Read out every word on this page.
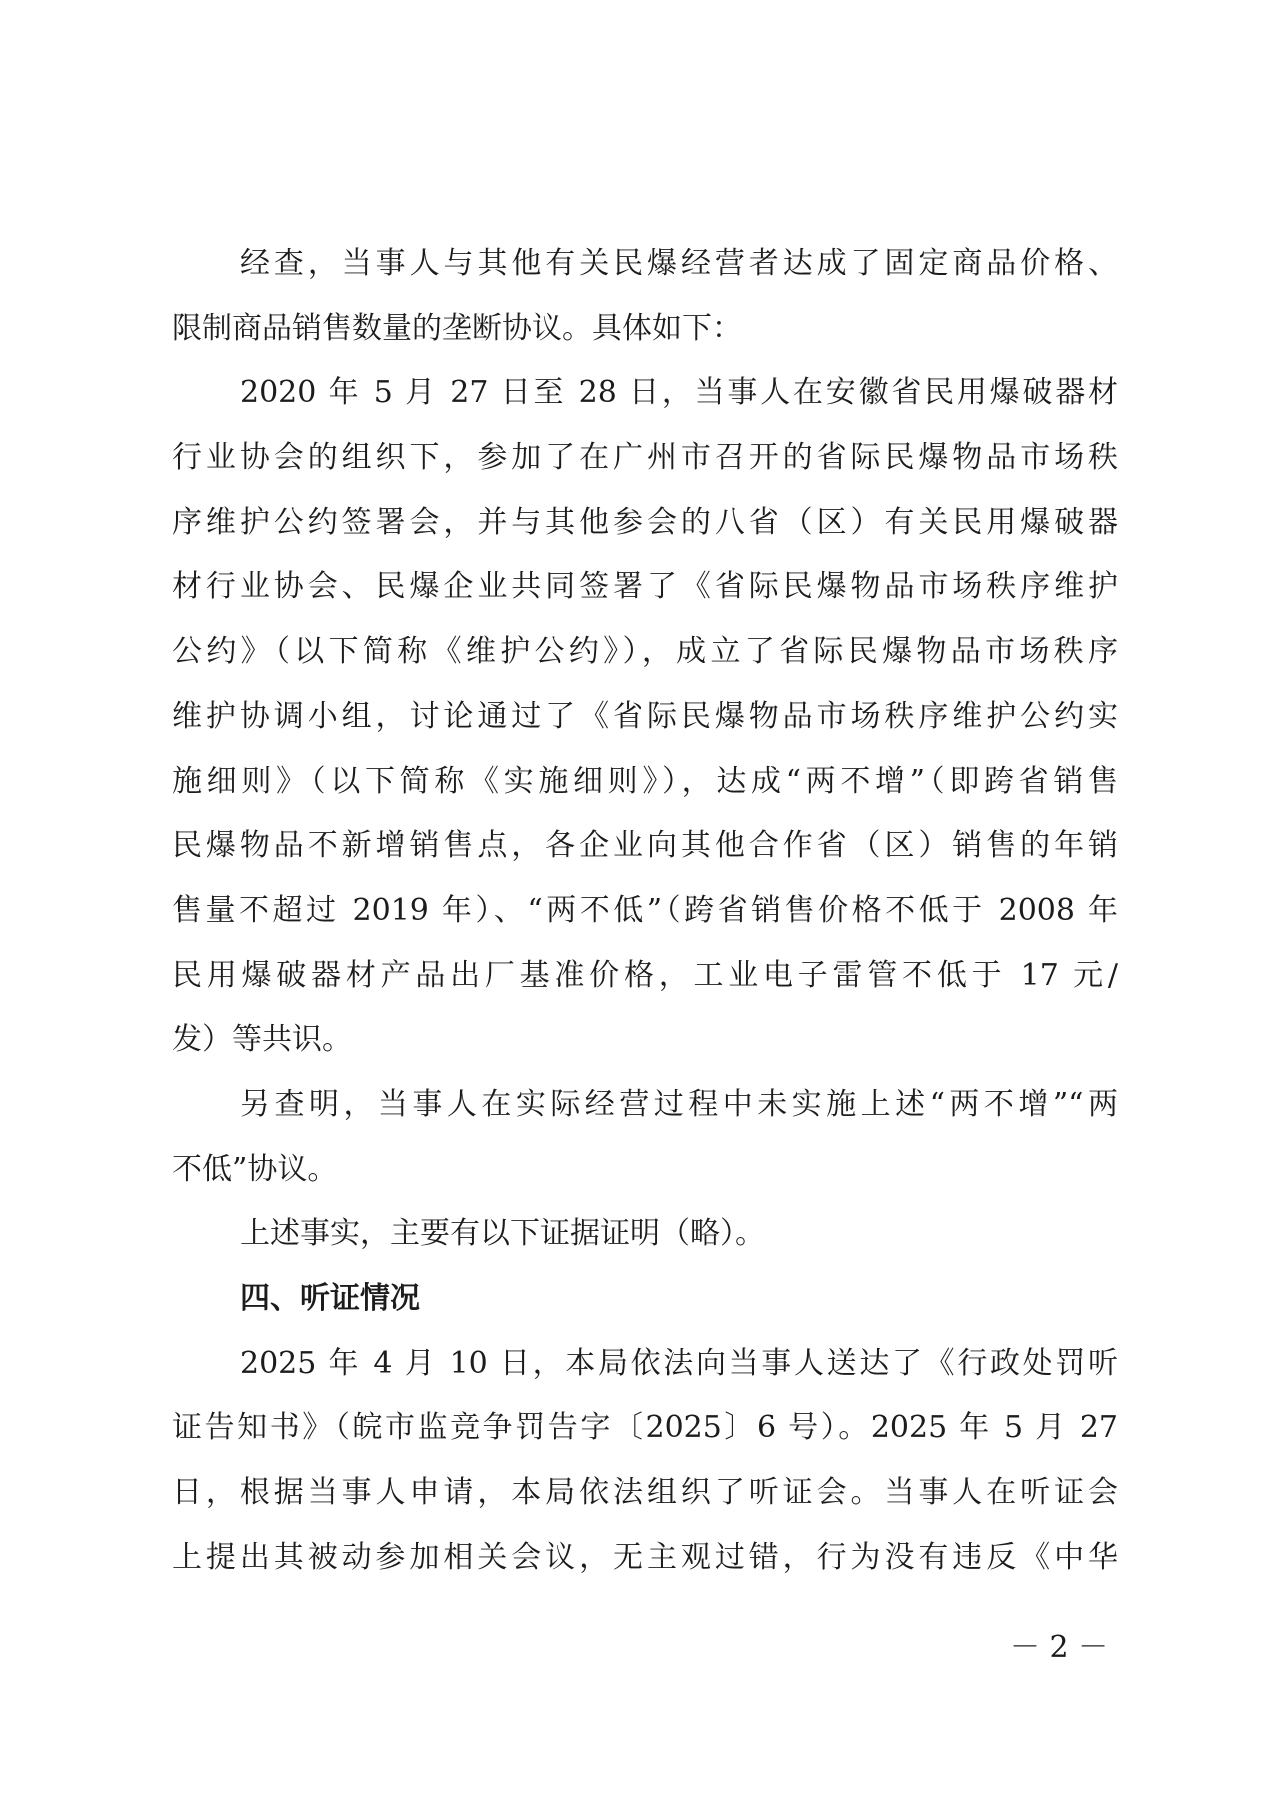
经查，当事人与其他有关民爆经营者达成了固定商品价格、
限制商品销售数量的垄断协议。具体如下：
2020 年 5 月 27 日至 28 日，当事人在安徽省民用爆破器材
行业协会的组织下，参加了在广州市召开的省际民爆物品市场秩
序维护公约签署会，并与其他参会的八省（区）有关民用爆破器
材行业协会、民爆企业共同签署了《省际民爆物品市场秩序维护
公约》（以下简称《维护公约》），成立了省际民爆物品市场秩序
维护协调小组，讨论通过了《省际民爆物品市场秩序维护公约实
施细则》（以下简称《实施细则》），达成“两不增”（即跨省销售
民爆物品不新增销售点，各企业向其他合作省（区）销售的年销
售量不超过 2019 年）、“两不低”（跨省销售价格不低于 2008 年
民用爆破器材产品出厂基准价格，工业电子雷管不低于 17 元/
发）等共识。
另查明，当事人在实际经营过程中未实施上述“两不增”“两
不低”协议。
上述事实，主要有以下证据证明（略）。
四、听证情况
2025 年 4 月 10 日，本局依法向当事人送达了《行政处罚听
证告知书》（皖市监竞争罚告字〔2025〕6 号）。2025 年 5 月 27
日，根据当事人申请，本局依法组织了听证会。当事人在听证会
上提出其被动参加相关会议，无主观过错，行为没有违反《中华
－ 2 －
